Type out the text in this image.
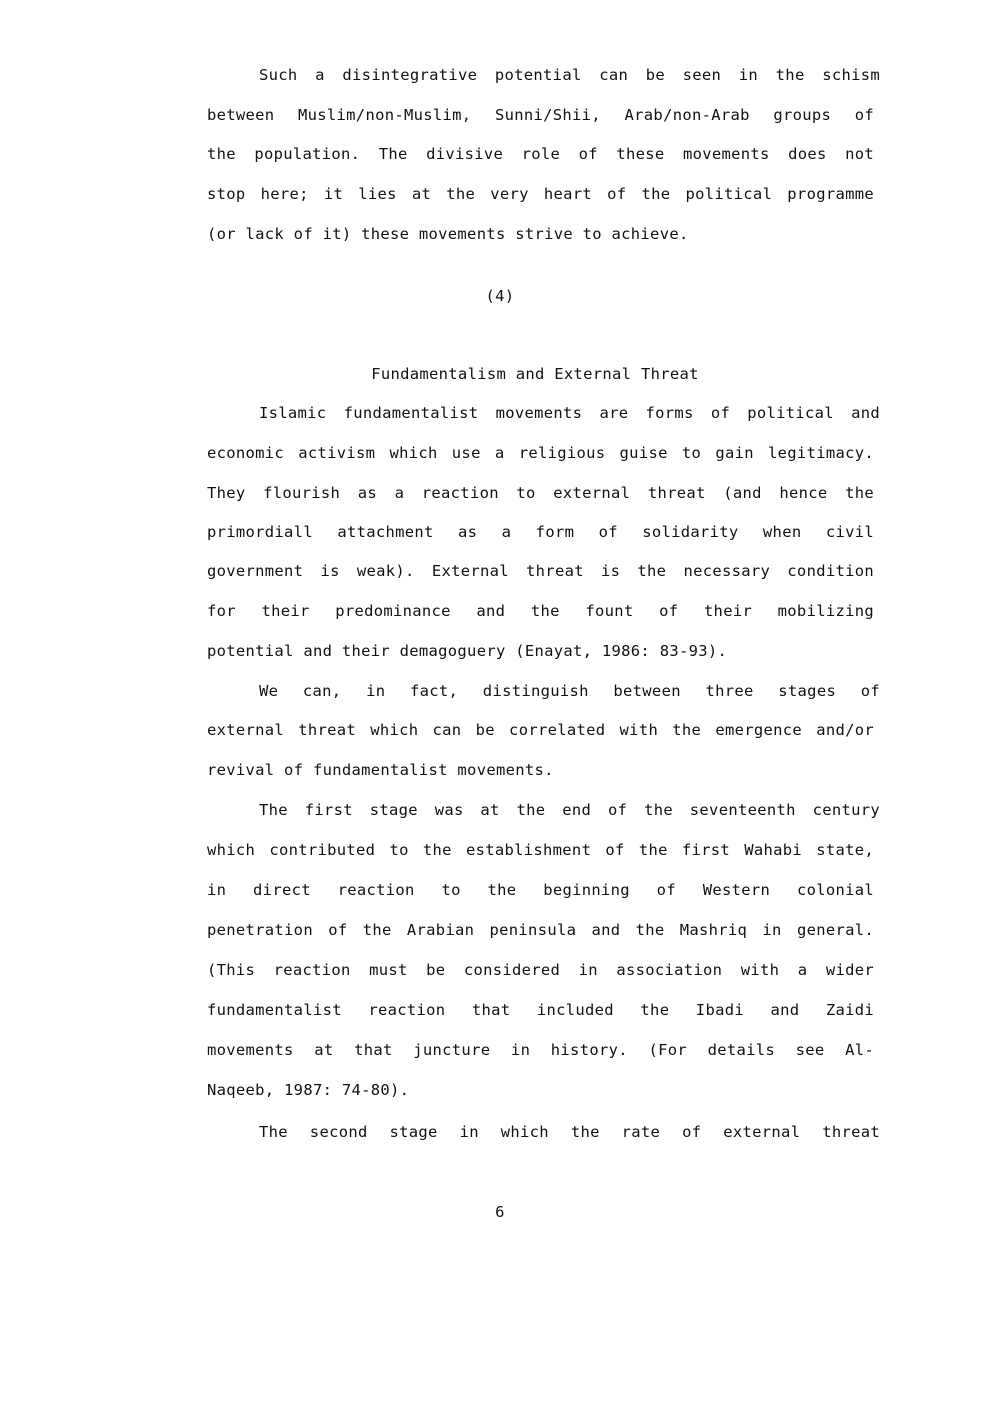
Such a disintegrative potential can be seen in the schism
between Muslim/non-Muslim, Sunni/Shii, Arab/non-Arab groups of
the population. The divisive role of these movements does not
stop here; it lies at the very heart of the political programme
(or lack of it) these movements strive to achieve.
(4)
Fundamentalism and External Threat
Islamic fundamentalist movements are forms of political and
economic activism which use a religious guise to gain legitimacy.
They flourish as a reaction to external threat (and hence the
primordiall attachment as a form of solidarity when civil
government is weak). External threat is the necessary condition
for their predominance and the fount of their mobilizing
potential and their demagoguery (Enayat, 1986: 83-93).
We can, in fact, distinguish between three stages of
external threat which can be correlated with the emergence and/or
revival of fundamentalist movements.
The first stage was at the end of the seventeenth century
which contributed to the establishment of the first Wahabi state,
in direct reaction to the beginning of Western colonial
penetration of the Arabian peninsula and the Mashriq in general.
(This reaction must be considered in association with a wider
fundamentalist reaction that included the Ibadi and Zaidi
movements at that juncture in history. (For details see Al-
Naqeeb, 1987: 74-80).
The second stage in which the rate of external threat
6
